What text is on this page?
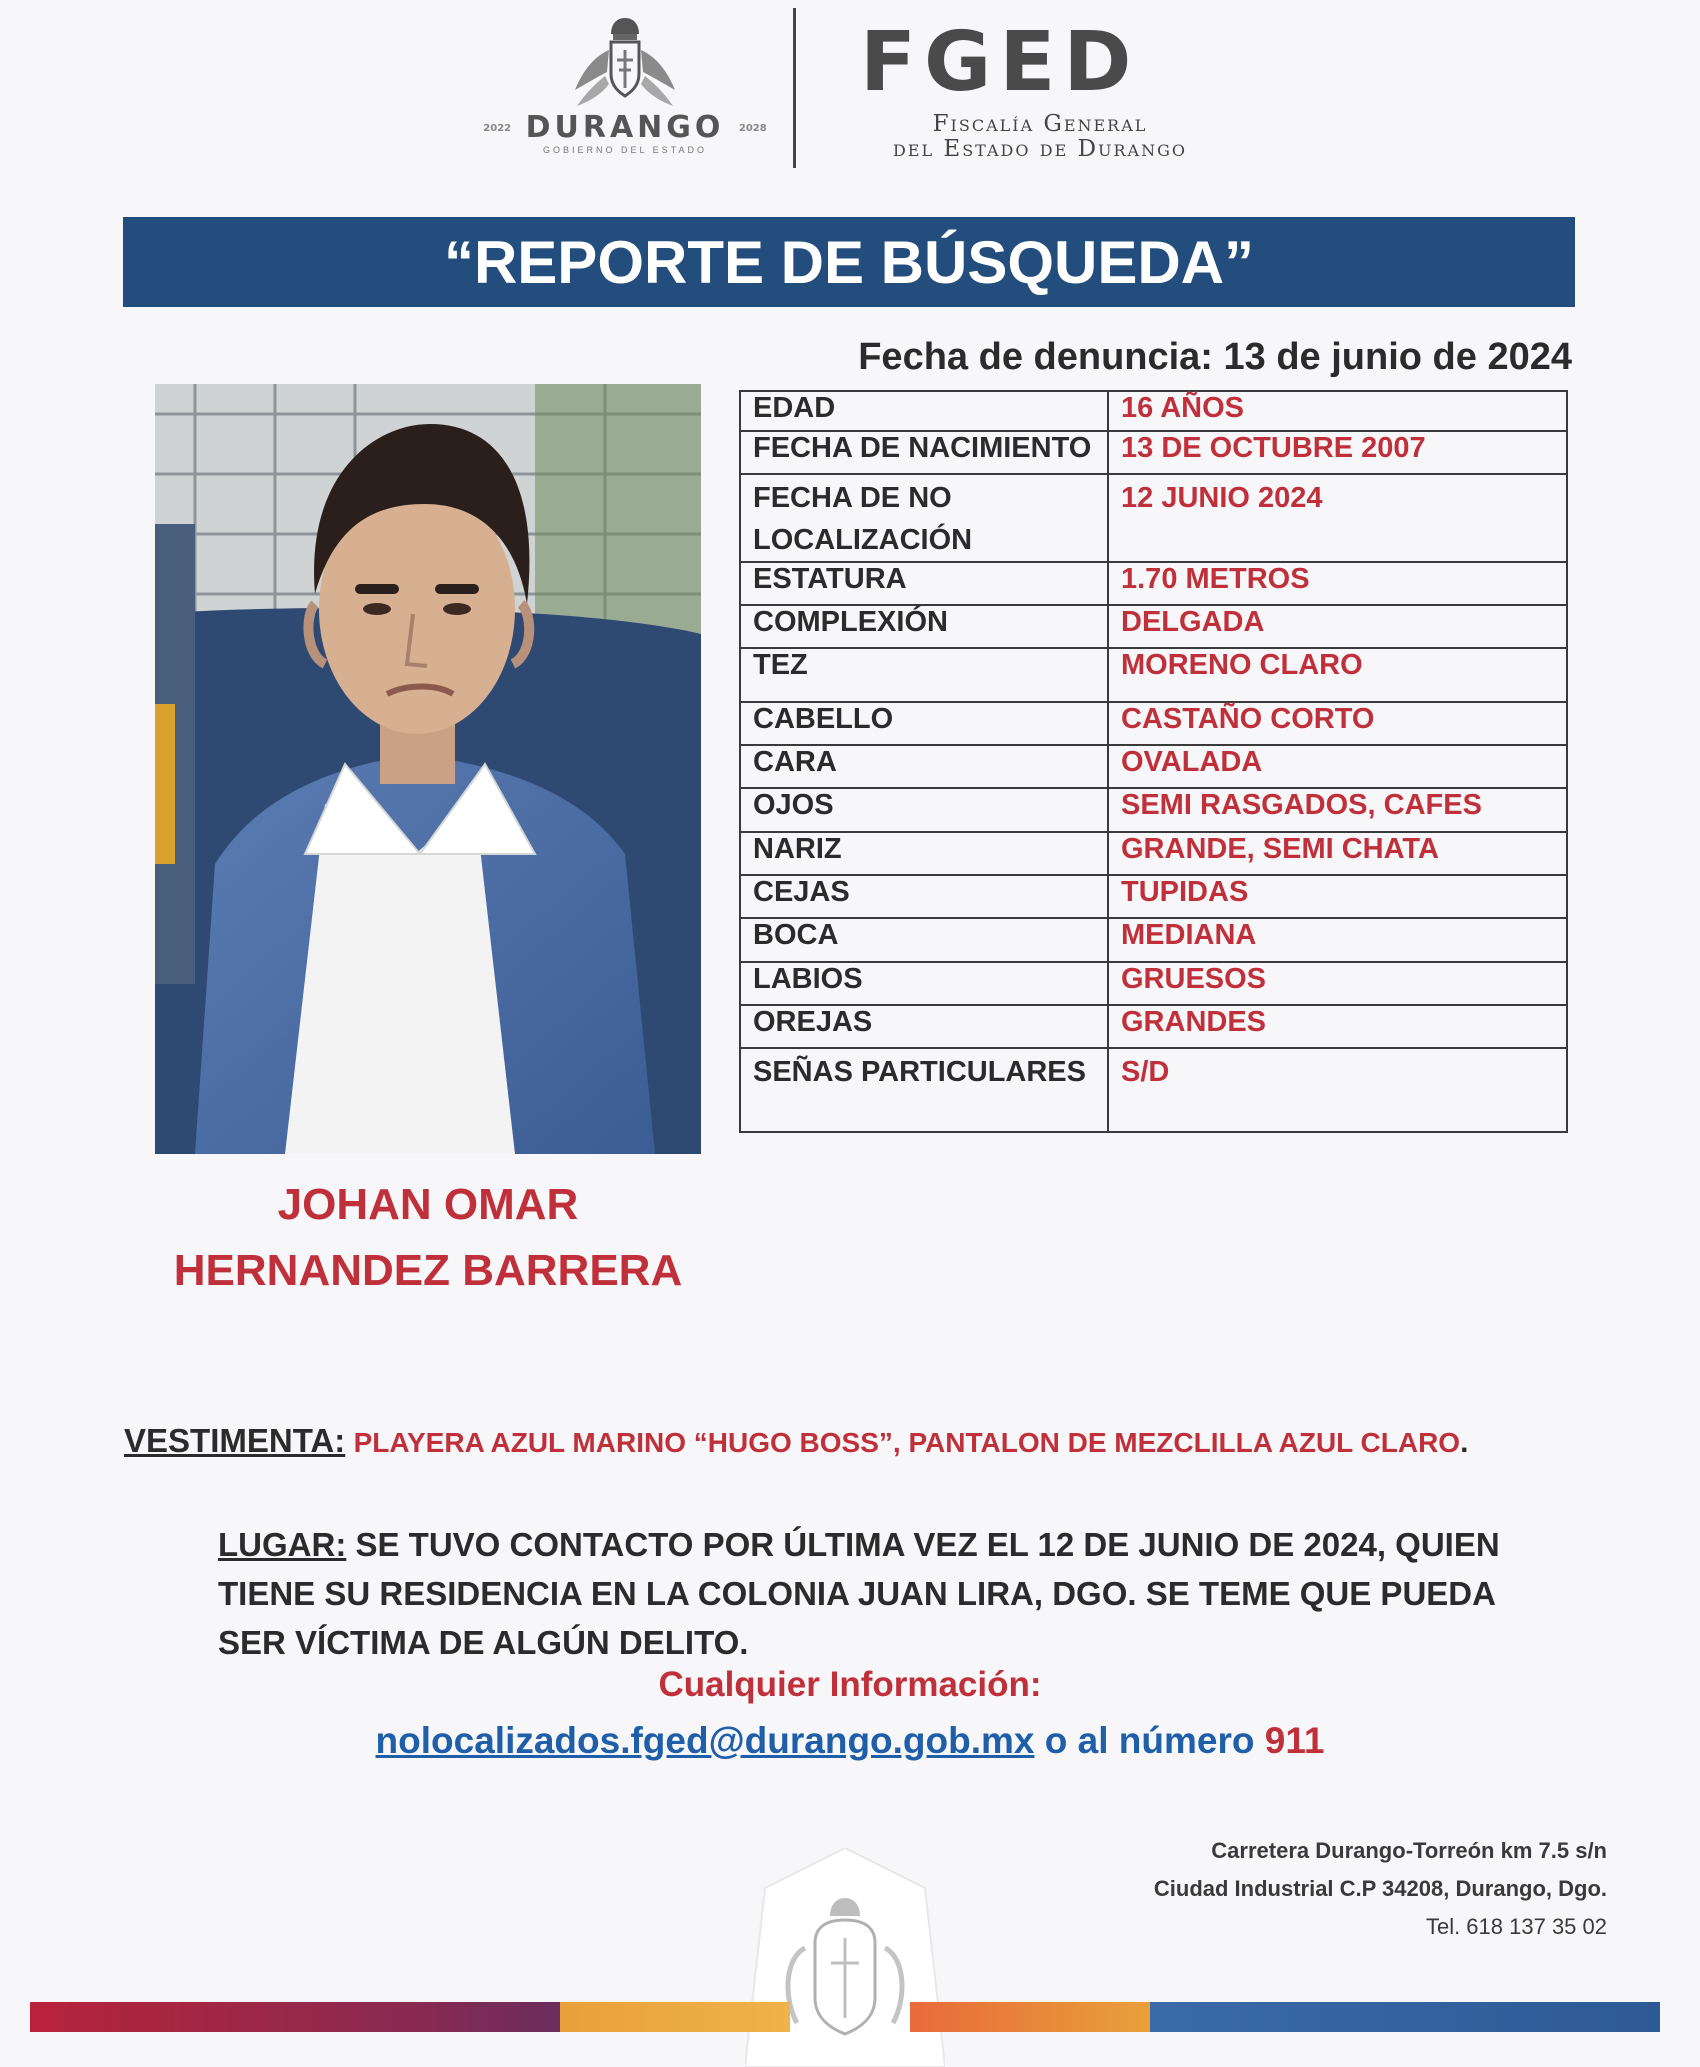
2022 DURANGO 2028
GOBIERNO DEL ESTADO
FGED
Fiscalía General
del Estado de Durango
“REPORTE DE BÚSQUEDA”
Fecha de denuncia: 13 de junio de 2024
EDAD	16 AÑOS
FECHA DE NACIMIENTO	13 DE OCTUBRE 2007
FECHA DE NO LOCALIZACIÓN	12 JUNIO 2024
ESTATURA	1.70 METROS
COMPLEXIÓN	DELGADA
TEZ	MORENO CLARO
CABELLO	CASTAÑO CORTO
CARA	OVALADA
OJOS	SEMI RASGADOS, CAFES
NARIZ	GRANDE, SEMI CHATA
CEJAS	TUPIDAS
BOCA	MEDIANA
LABIOS	GRUESOS
OREJAS	GRANDES
SEÑAS PARTICULARES	S/D
JOHAN OMAR
HERNANDEZ BARRERA
VESTIMENTA: PLAYERA AZUL MARINO “HUGO BOSS”, PANTALON DE MEZCLILLA AZUL CLARO.
LUGAR: SE TUVO CONTACTO POR ÚLTIMA VEZ EL 12 DE JUNIO DE 2024, QUIEN TIENE SU RESIDENCIA EN LA COLONIA JUAN LIRA, DGO. SE TEME QUE PUEDA SER VÍCTIMA DE ALGÚN DELITO.
Cualquier Información:
nolocalizados.fged@durango.gob.mx o al número 911
Carretera Durango-Torreón km 7.5 s/n
Ciudad Industrial C.P 34208, Durango, Dgo.
Tel. 618 137 35 02
